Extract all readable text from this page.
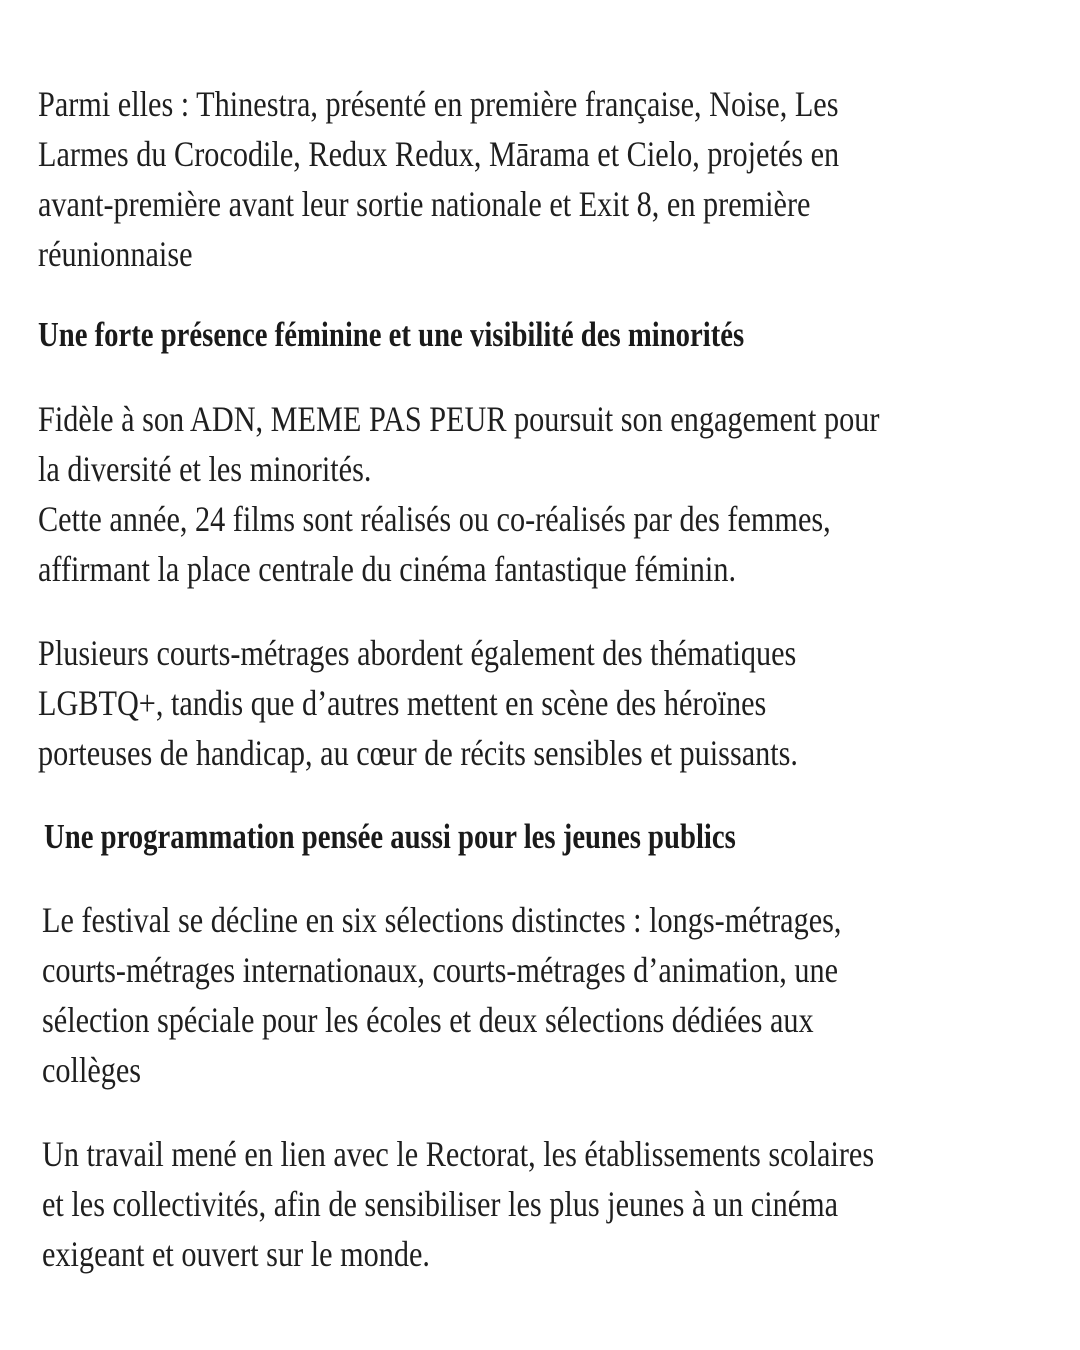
Parmi elles : Thinestra, présenté en première française, Noise, Les
Larmes du Crocodile, Redux Redux, Mārama et Cielo, projetés en
avant-première avant leur sortie nationale et Exit 8, en première
réunionnaise
Une forte présence féminine et une visibilité des minorités
Fidèle à son ADN, MEME PAS PEUR poursuit son engagement pour
la diversité et les minorités.
Cette année, 24 films sont réalisés ou co-réalisés par des femmes,
affirmant la place centrale du cinéma fantastique féminin.
Plusieurs courts-métrages abordent également des thématiques
LGBTQ+, tandis que d’autres mettent en scène des héroïnes
porteuses de handicap, au cœur de récits sensibles et puissants.
Une programmation pensée aussi pour les jeunes publics
Le festival se décline en six sélections distinctes : longs-métrages,
courts-métrages internationaux, courts-métrages d’animation, une
sélection spéciale pour les écoles et deux sélections dédiées aux
collèges
Un travail mené en lien avec le Rectorat, les établissements scolaires
et les collectivités, afin de sensibiliser les plus jeunes à un cinéma
exigeant et ouvert sur le monde.
